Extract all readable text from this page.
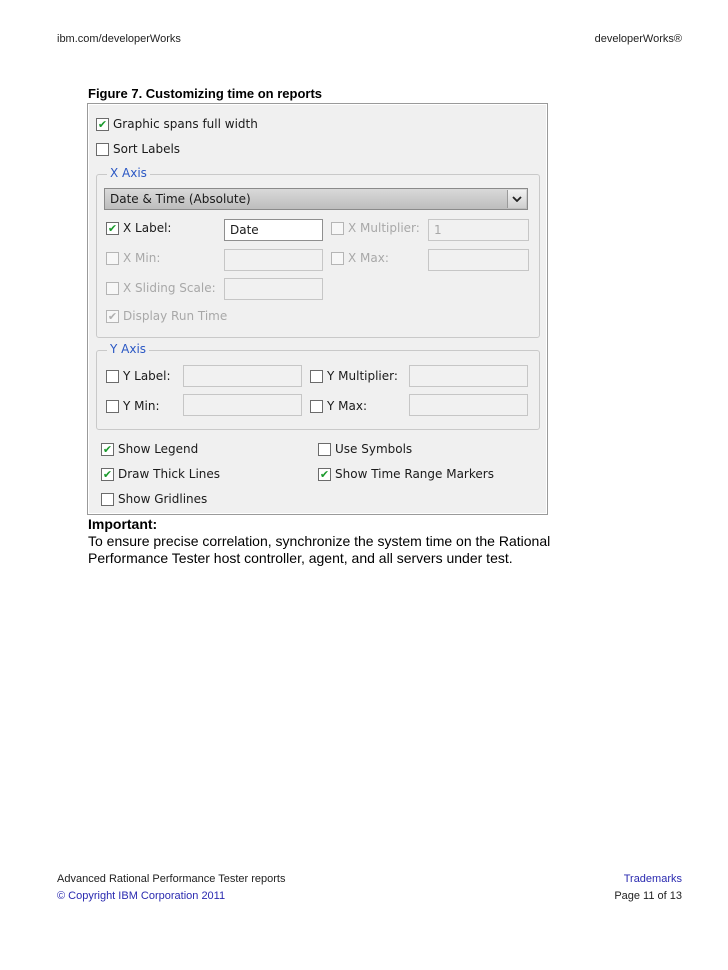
ibm.com/developerWorks	developerWorks®
Figure 7. Customizing time on reports
✔ Graphic spans full width
Sort Labels
X Axis
Y Axis
✔ X Label:	Date	X Multiplier:	1
X Min:	X Max:
X Sliding Scale:
✔ Display Run Time
Y Label:	Y Multiplier:
Y Min:	Y Max:
✔ Show Legend	Use Symbols
✔ Draw Thick Lines	✔ Show Time Range Markers
Show Gridlines
Date & Time (Absolute)
Important:
To ensure precise correlation, synchronize the system time on the Rational
Performance Tester host controller, agent, and all servers under test.
Advanced Rational Performance Tester reports
© Copyright IBM Corporation 2011
Trademarks
Page 11 of 13
